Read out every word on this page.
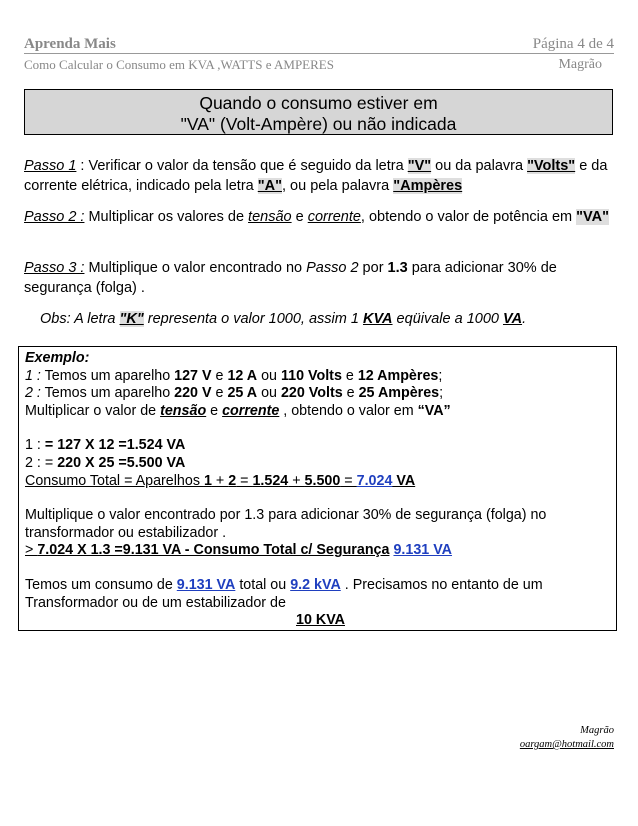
Aprenda Mais	Página 4 de 4
Como Calcular o Consumo em KVA ,WATTS e AMPERES	Magrão
Quando o consumo estiver em
"VA" (Volt-Ampère) ou não indicada
Passo 1 : Verificar o valor da tensão que é seguido da letra "V" ou da palavra "Volts" e da corrente elétrica, indicado pela letra "A", ou pela palavra "Ampères
Passo 2 : Multiplicar os valores de tensão e corrente, obtendo o valor de potência em "VA"
Passo 3 : Multiplique o valor encontrado no Passo 2 por 1.3 para adicionar 30% de segurança (folga) .
Obs: A letra "K" representa o valor 1000, assim 1 KVA eqüivale a 1000 VA.
Exemplo:
1 : Temos um aparelho 127 V e 12 A ou 110 Volts e 12 Ampères;
2 : Temos um aparelho 220 V e 25 A ou 220 Volts e 25 Ampères;
Multiplicar o valor de tensão e corrente , obtendo o valor em “VA”
1 : = 127 X 12 =1.524 VA
2 : = 220 X 25 =5.500 VA
Consumo Total = Aparelhos 1 + 2 = 1.524 + 5.500 = 7.024 VA
Multiplique o valor encontrado por 1.3 para adicionar 30% de segurança (folga) no
transformador ou estabilizador .
> 7.024 X 1.3 =9.131 VA - Consumo Total c/ Segurança 9.131 VA
Temos um consumo de 9.131 VA total ou 9.2 kVA . Precisamos no entanto de um
Transformador ou de um estabilizador de
10 KVA
Magrão
oargam@hotmail.com
